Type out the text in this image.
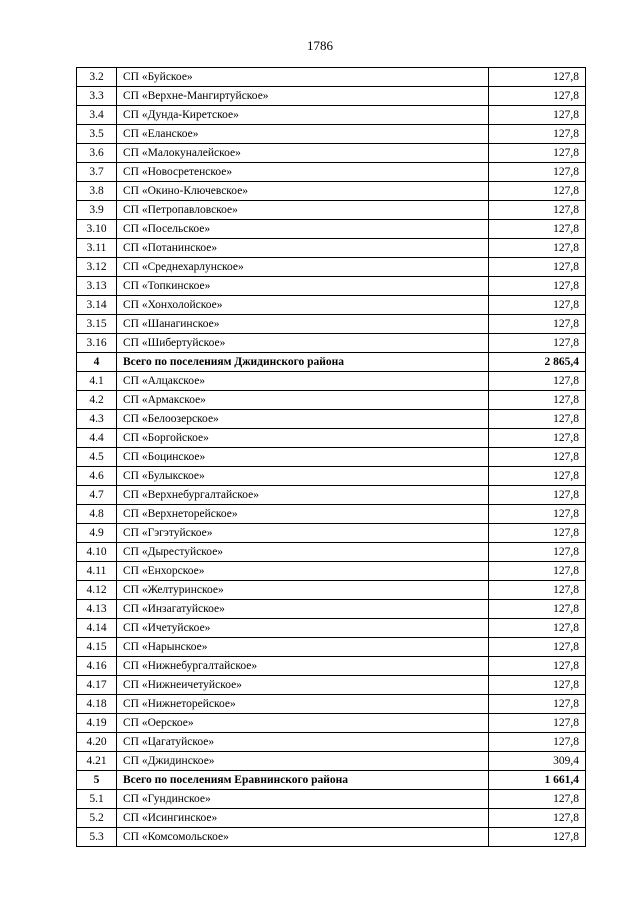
1786
3.2	СП «Буйское»	127,8
3.3	СП «Верхне-Мангиртуйское»	127,8
3.4	СП «Дунда-Киретское»	127,8
3.5	СП «Еланское»	127,8
3.6	СП «Малокуналейское»	127,8
3.7	СП «Новосретенское»	127,8
3.8	СП «Окино-Ключевское»	127,8
3.9	СП «Петропавловское»	127,8
3.10	СП «Посельское»	127,8
3.11	СП «Потанинское»	127,8
3.12	СП «Среднехарлунское»	127,8
3.13	СП «Топкинское»	127,8
3.14	СП «Хонхолойское»	127,8
3.15	СП «Шанагинское»	127,8
3.16	СП «Шибертуйское»	127,8
4	Всего по поселениям Джидинского района	2 865,4
4.1	СП «Алцакское»	127,8
4.2	СП «Армакское»	127,8
4.3	СП «Белоозерское»	127,8
4.4	СП «Боргойское»	127,8
4.5	СП «Боцинское»	127,8
4.6	СП «Булыкское»	127,8
4.7	СП «Верхнебургалтайское»	127,8
4.8	СП «Верхнеторейское»	127,8
4.9	СП «Гэгэтуйское»	127,8
4.10	СП «Дырестуйское»	127,8
4.11	СП «Енхорское»	127,8
4.12	СП «Желтуринское»	127,8
4.13	СП «Инзагатуйское»	127,8
4.14	СП «Ичетуйское»	127,8
4.15	СП «Нарынское»	127,8
4.16	СП «Нижнебургалтайское»	127,8
4.17	СП «Нижнеичетуйское»	127,8
4.18	СП «Нижнеторейское»	127,8
4.19	СП «Оерское»	127,8
4.20	СП «Цагатуйское»	127,8
4.21	СП «Джидинское»	309,4
5	Всего по поселениям Еравнинского района	1 661,4
5.1	СП «Гундинское»	127,8
5.2	СП «Исингинское»	127,8
5.3	СП «Комсомольское»	127,8
